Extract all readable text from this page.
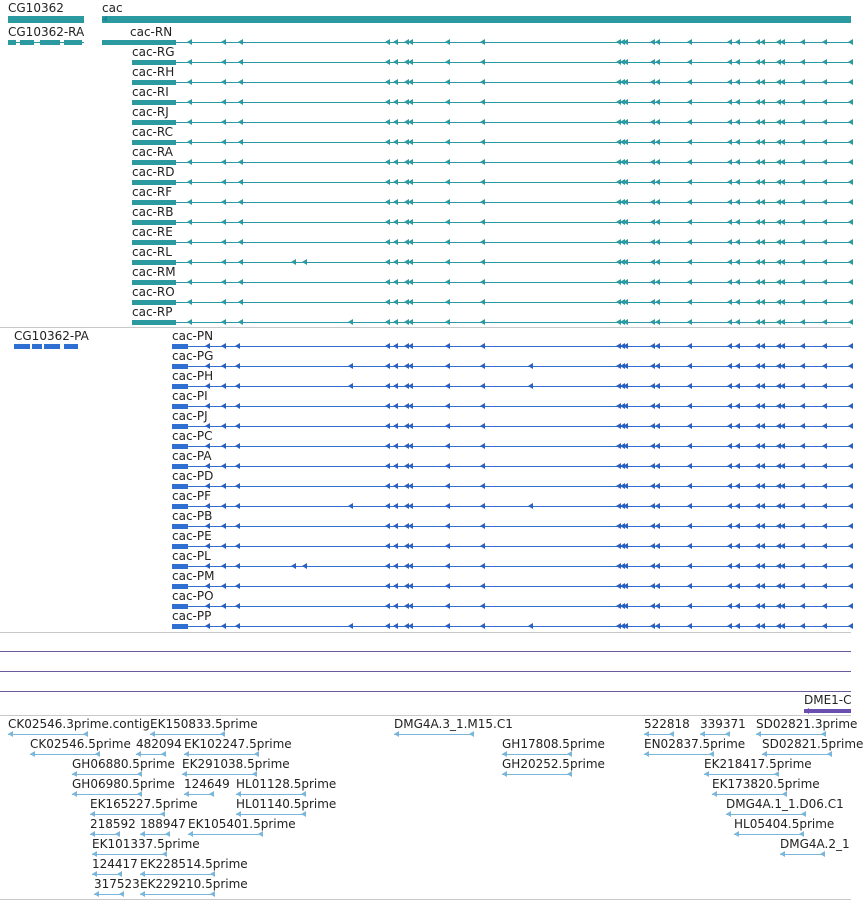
CG10362	cac
CG10362-RA	cac-RN
cac-RG
cac-RH
cac-RI
cac-RJ
cac-RC
cac-RA
cac-RD
cac-RF
cac-RB
cac-RE
cac-RL
cac-RM
cac-RO
cac-RP
CG10362-PA	cac-PN
cac-PG
cac-PH
cac-PI
cac-PJ
cac-PC
cac-PA
cac-PD
cac-PF
cac-PB
cac-PE
cac-PL
cac-PM
cac-PO
cac-PP
DME1-C
CK02546.3prime.contig EK150833.5prime	DMG4A.3_1.M15.C1	522818 339371 SD02821.3prime
CK02546.5prime 482094 EK102247.5prime	GH17808.5prime	EN02837.5prime SD02821.5prime
GH06880.5prime EK291038.5prime	GH20252.5prime	EK218417.5prime
GH06980.5prime 124649 HL01128.5prime	EK173820.5prime
EK165227.5prime	HL01140.5prime	DMG4A.1_1.D06.C1
218592 188947 EK105401.5prime	HL05404.5prime
EK101337.5prime	DMG4A.2_1
124417 EK228514.5prime
317523 EK229210.5prime
